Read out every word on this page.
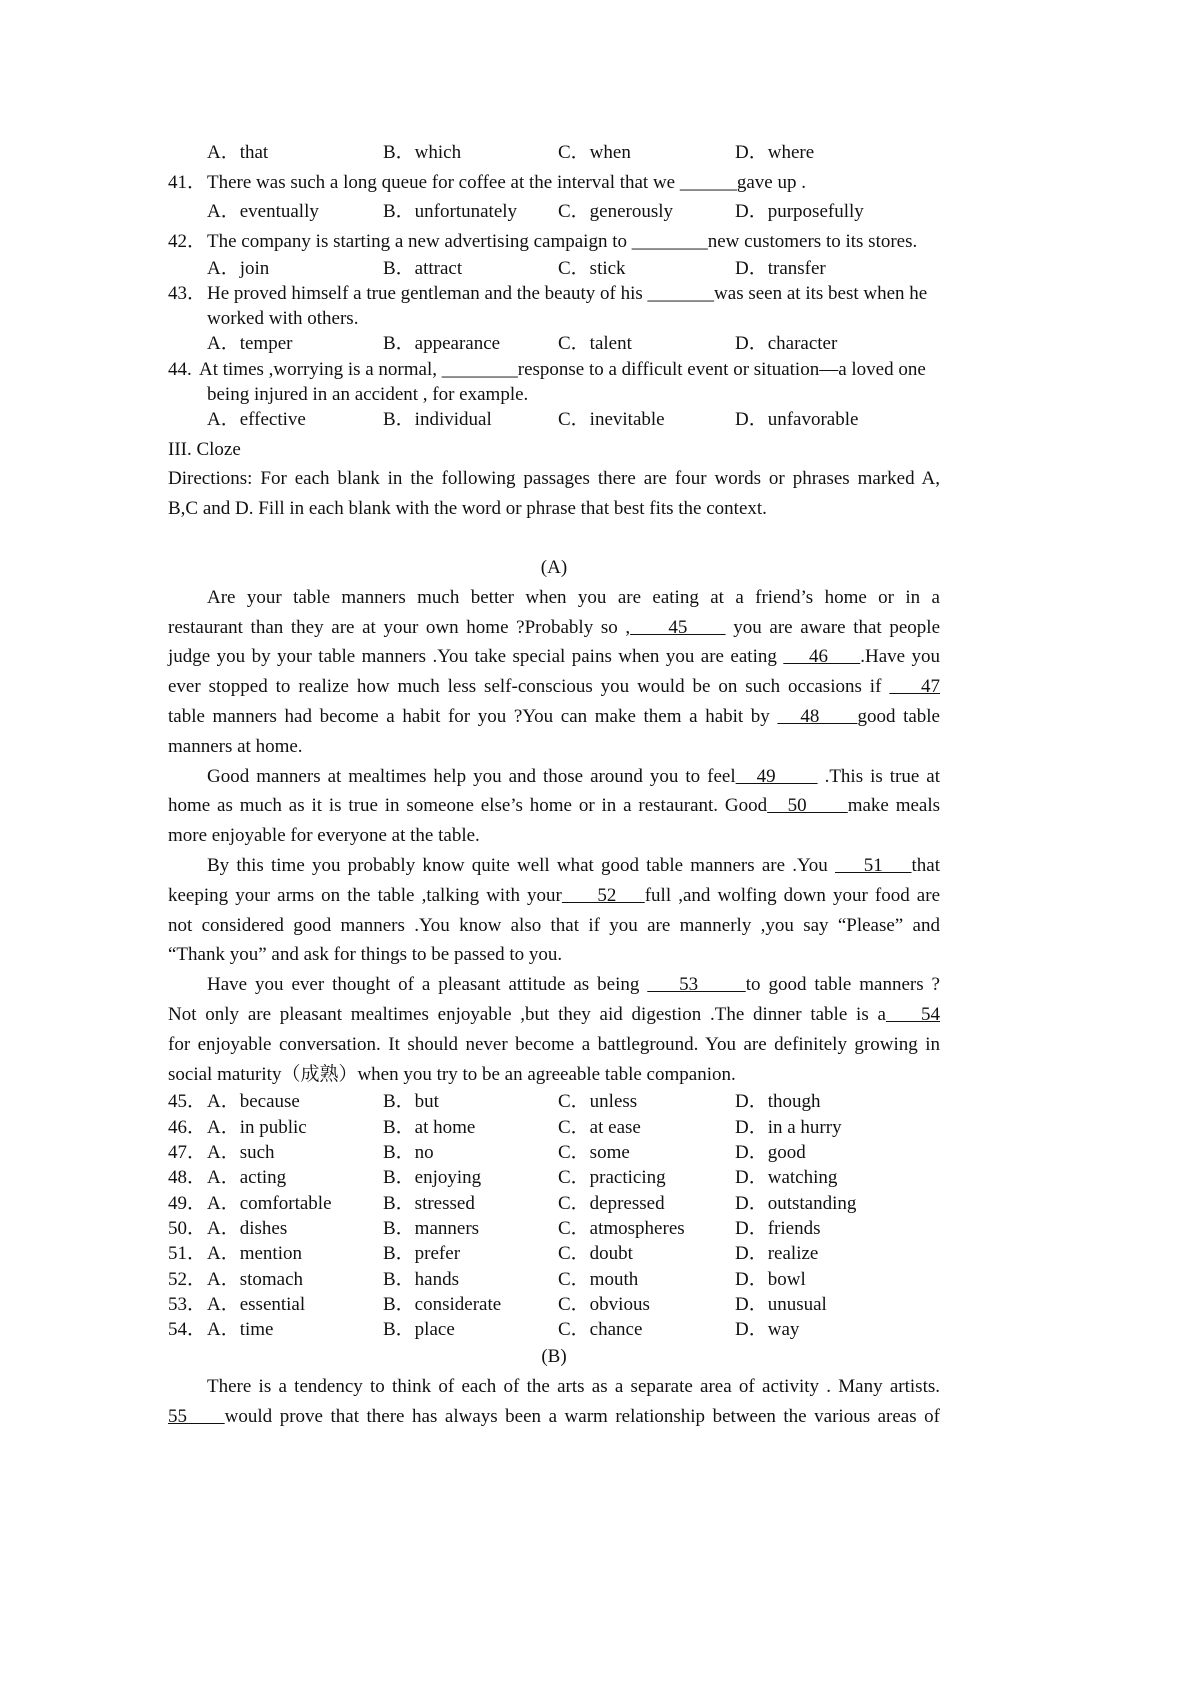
A．that	B．which	C．when	D．where
41． There was such a long queue for coffee at the interval that we ______gave up .
A．eventually	B．unfortunately C．generously	D．purposefully
42． The company is starting a new advertising campaign to ________new customers to its stores.
A．join	B．attract	C．stick	D．transfer
43． He proved himself a true gentleman and the beauty of his _______was seen at its best when he
worked with others.
A．temper	B．appearance	C．talent	D．character
44. At times ,worrying is a normal, ________response to a difficult event or situation—a loved one
being injured in an accident , for example.
A．effective	B．individual	C．inevitable	D．unfavorable
III. Cloze
Directions: For each blank in the following passages there are four words or phrases marked A,
B,C and D. Fill in each blank with the word or phrase that best fits the context.
(A)
Are your table manners much better when you are eating at a friend’s home or in a
restaurant than they are at your own home ?Probably so ,     45      you are aware that people
judge you by your table manners .You take special pains when you are eating     46     .Have you
ever stopped to realize how much less self-conscious you would be on such occasions if     47
table manners had become a habit for you ?You can make them a habit by    48     good table
manners at home.
Good manners at mealtimes help you and those around you to feel   49       .This is true at
home as much as it is true in someone else’s home or in a restaurant. Good   50      make meals
more enjoyable for everyone at the table.
By this time you probably know quite well what good table manners are .You     51    that
keeping your arms on the table ,talking with your     52    full ,and wolfing down your food are
not considered good manners .You know also that if you are mannerly ,you say “Please” and
“Thank you” and ask for things to be passed to you.
Have you ever thought of a pleasant attitude as being     53      to good table manners ?
Not only are pleasant mealtimes enjoyable ,but they aid digestion .The dinner table is a    54
for enjoyable conversation. It should never become a battleground. You are definitely growing in
social maturity（成熟）when you try to be an agreeable table companion.
45． A．because	B．but	C．unless	D．though
46． A．in public	B．at home	C．at ease	D．in a hurry
47． A．such	B．no	C．some	D．good
48． A．acting	B．enjoying	C．practicing	D．watching
49． A．comfortable	B．stressed	C．depressed	D．outstanding
50． A．dishes	B．manners	C．atmospheres	D．friends
51． A．mention	B．prefer	C．doubt	D．realize
52． A．stomach	B．hands	C．mouth	D．bowl
53． A．essential	B．considerate	C．obvious	D．unusual
54． A．time	B．place	C．chance	D．way
(B)
There is a tendency to think of each of the arts as a separate area of activity . Many artists.
55     would prove that there has always been a warm relationship between the various areas of
